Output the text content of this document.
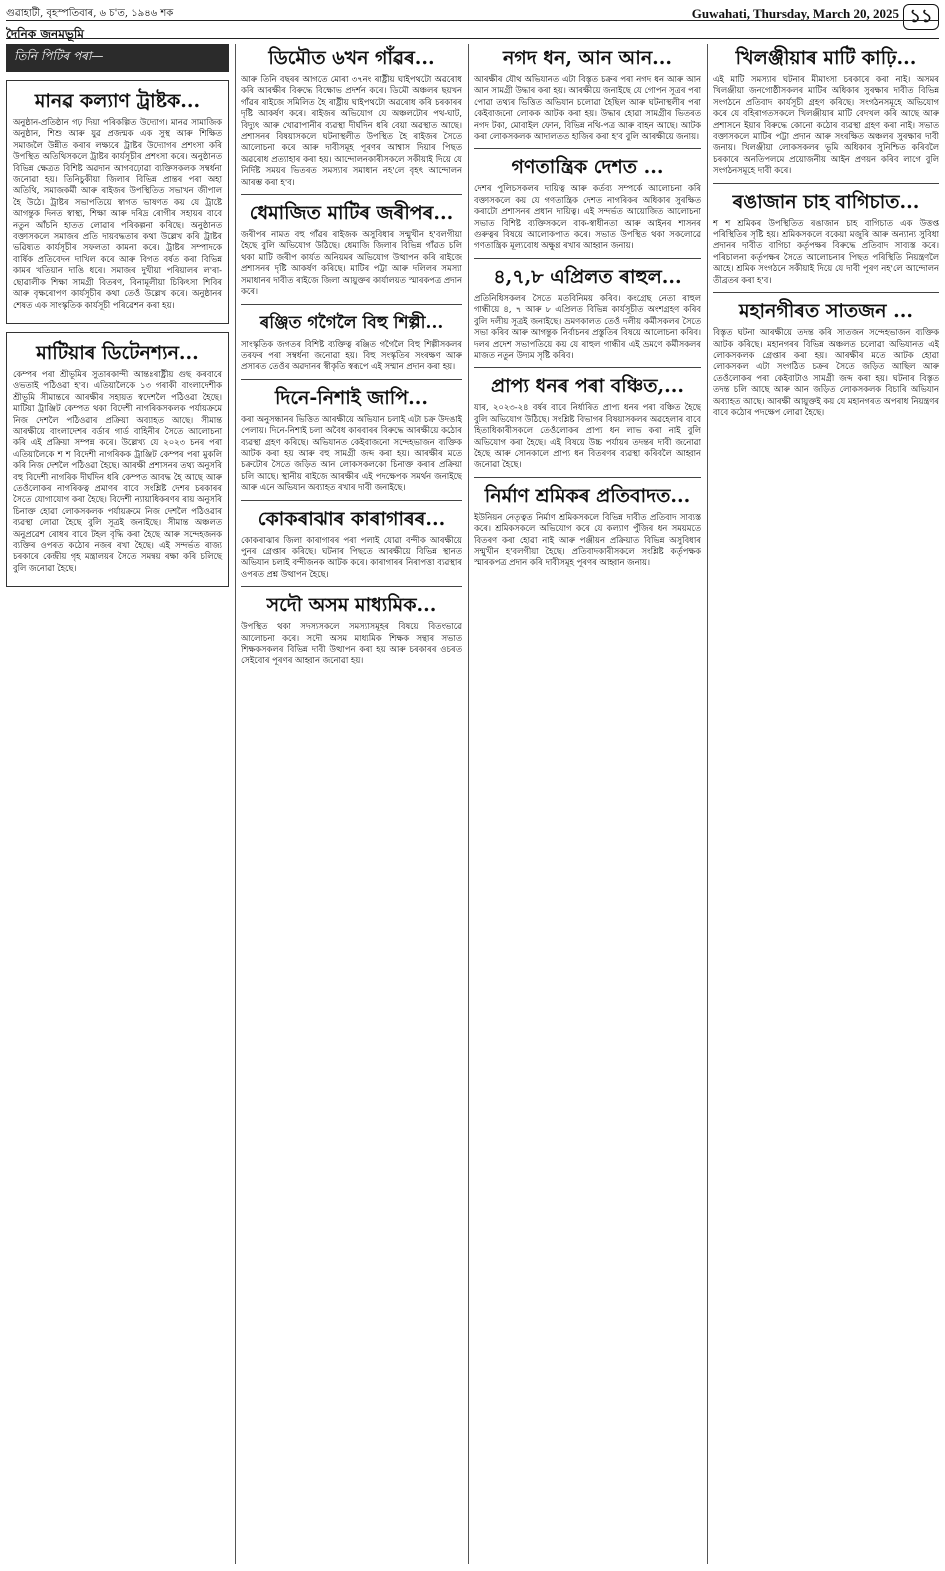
গুৱাহাটী, বৃহস্পতিবাৰ, ৬ চ'ত, ১৯৪৬ শক	Guwahati, Thursday, March 20, 2025 ১১
দৈনিক জনমভূমি
তিনি পিটিৰ পৰা—
মানৱ কল্যাণ ট্ৰাষ্টক...

অনুষ্ঠান-প্ৰতিষ্ঠান গঢ় দিয়া পৰিকল্পিত উদ্যোগ। মানৱ সামাজিক অনুষ্ঠান, শিশু আৰু যুৱ প্ৰজন্মক এক সুস্থ আৰু শিক্ষিত সমাজলৈ উন্নীত কৰাৰ লক্ষ্যৰে ট্ৰাষ্টৰ উদ্যোগৰ প্ৰশংসা কৰি উপস্থিত অতিথিসকলে ট্ৰাষ্টৰ কাৰ্যসূচীৰ প্ৰশংসা কৰে। অনুষ্ঠানত বিভিন্ন ক্ষেত্ৰত বিশিষ্ট অৱদান আগবঢ়োৱা ব্যক্তিসকলক সম্বৰ্ধনা জনোৱা হয়। তিনিচুকীয়া জিলাৰ বিভিন্ন প্ৰান্তৰ পৰা অহা অতিথি, সমাজকৰ্মী আৰু ৰাইজৰ উপস্থিতিত সভাখন জীপাল হৈ উঠে। ট্ৰাষ্টৰ সভাপতিয়ে স্বাগত ভাষণত কয় যে ট্ৰাষ্টে আগন্তুক দিনত স্বাস্থ্য, শিক্ষা আৰু দৰিদ্ৰ ৰোগীৰ সহায়ৰ বাবে নতুন আঁচনি হাতত লোৱাৰ পৰিকল্পনা কৰিছে। অনুষ্ঠানত বক্তাসকলে সমাজৰ প্ৰতি দায়বদ্ধতাৰ কথা উল্লেখ কৰি ট্ৰাষ্টৰ ভৱিষ্যত কাৰ্যসূচীৰ সফলতা কামনা কৰে। ট্ৰাষ্টৰ সম্পাদকে বাৰ্ষিক প্ৰতিবেদন দাখিল কৰে আৰু বিগত বৰ্ষত কৰা বিভিন্ন কামৰ খতিয়ান দাঙি ধৰে। সমাজৰ দুখীয়া পৰিয়ালৰ ল'ৰা-ছোৱালীক শিক্ষা সামগ্ৰী বিতৰণ, বিনামূলীয়া চিকিৎসা শিবিৰ আৰু বৃক্ষৰোপণ কাৰ্যসূচীৰ কথা তেওঁ উল্লেখ কৰে। অনুষ্ঠানৰ শেষত এক সাংস্কৃতিক কাৰ্যসূচী পৰিৱেশন কৰা হয়।

মাটিয়াৰ ডিটেনশ্যন...

কেম্পৰ পৰা শ্ৰীভূমিৰ সুতাৰকান্দী আন্তঃৰাষ্ট্ৰীয় গুছ কৰবাৰে ওভতাই পঠিওৱা হ'ব। এতিয়ালৈকে ১৩ গৰাকী বাংলাদেশীক শ্ৰীভূমি সীমান্তৰে আৰক্ষীৰ সহায়ত স্বদেশলৈ পঠিওৱা হৈছে। মাটিয়া ট্ৰাঞ্জিট কেম্পত থকা বিদেশী নাগৰিকসকলক পৰ্যায়ক্ৰমে নিজ দেশলৈ পঠিওৱাৰ প্ৰক্ৰিয়া অব্যাহত আছে। সীমান্ত আৰক্ষীয়ে বাংলাদেশৰ বৰ্ডাৰ গাৰ্ড বাহিনীৰ সৈতে আলোচনা কৰি এই প্ৰক্ৰিয়া সম্পন্ন কৰে। উল্লেখ্য যে ২০২৩ চনৰ পৰা এতিয়ালৈকে শ শ বিদেশী নাগৰিকক ট্ৰাঞ্জিট কেম্পৰ পৰা মুকলি কৰি নিজ দেশলৈ পঠিওৱা হৈছে। আৰক্ষী প্ৰশাসনৰ তথ্য অনুসৰি বহু বিদেশী নাগৰিক দীৰ্ঘদিন ধৰি কেম্পত আবদ্ধ হৈ আছে আৰু তেওঁলোকৰ নাগৰিকত্ব প্ৰমাণৰ বাবে সংশ্লিষ্ট দেশৰ চৰকাৰৰ সৈতে যোগাযোগ কৰা হৈছে। বিদেশী ন্যায়াধিকৰণৰ ৰায় অনুসৰি চিনাক্ত হোৱা লোকসকলক পৰ্যায়ক্ৰমে নিজ দেশলৈ পঠিওৱাৰ ব্যৱস্থা লোৱা হৈছে বুলি সূত্ৰই জনাইছে। সীমান্ত অঞ্চলত অনুপ্ৰৱেশ ৰোধৰ বাবে টহল বৃদ্ধি কৰা হৈছে আৰু সন্দেহজনক ব্যক্তিৰ ওপৰত কঠোৰ নজৰ ৰখা হৈছে। এই সন্দৰ্ভত ৰাজ্য চৰকাৰে কেন্দ্ৰীয় গৃহ মন্ত্ৰালয়ৰ সৈতে সমন্বয় ৰক্ষা কৰি চলিছে বুলি জনোৱা হৈছে।

ডিমৌত ৬খন গাঁৱৰ...

আৰু তিনি বছৰৰ আগতে মোৰা ৩৭নং ৰাষ্ট্ৰীয় ঘাইপথটো অৱৰোধ কৰি আৰক্ষীৰ বিৰুদ্ধে বিক্ষোভ প্ৰদৰ্শন কৰে। ডিমৌ অঞ্চলৰ ছয়খন গাঁৱৰ ৰাইজে সমিলিত হৈ ৰাষ্ট্ৰীয় ঘাইপথটো অৱৰোধ কৰি চৰকাৰৰ দৃষ্টি আকৰ্ষণ কৰে। ৰাইজৰ অভিযোগ যে অঞ্চলটোৰ পথ-ঘাট, বিদ্যুৎ আৰু খোৱাপানীৰ ব্যৱস্থা দীৰ্ঘদিন ধৰি বেয়া অৱস্থাত আছে। প্ৰশাসনৰ বিষয়াসকলে ঘটনাস্থলীত উপস্থিত হৈ ৰাইজৰ সৈতে আলোচনা কৰে আৰু দাবীসমূহ পূৰণৰ আশ্বাস দিয়াৰ পিছত অৱৰোধ প্ৰত্যাহাৰ কৰা হয়। আন্দোলনকাৰীসকলে সকীয়াই দিয়ে যে নিৰ্দিষ্ট সময়ৰ ভিতৰত সমস্যাৰ সমাধান নহ'লে বৃহৎ আন্দোলন আৰম্ভ কৰা হ'ব।

ধেমাজিত মাটিৰ জৰীপৰ...

জৰীপৰ নামত বহু গাঁৱৰ ৰাইজক অসুবিধাৰ সন্মুখীন হ'বলগীয়া হৈছে বুলি অভিযোগ উঠিছে। ধেমাজি জিলাৰ বিভিন্ন গাঁৱত চলি থকা মাটি জৰীপ কাৰ্যত অনিয়মৰ অভিযোগ উত্থাপন কৰি ৰাইজে প্ৰশাসনৰ দৃষ্টি আকৰ্ষণ কৰিছে। মাটিৰ পট্টা আৰু দলিলৰ সমস্যা সমাধানৰ দাবীত ৰাইজে জিলা আয়ুক্তৰ কাৰ্যালয়ত স্মাৰকপত্ৰ প্ৰদান কৰে।

ৰঞ্জিত গগৈলৈ বিহু শিল্পী...

সাংস্কৃতিক জগতৰ বিশিষ্ট ব্যক্তিত্ব ৰঞ্জিত গগৈলৈ বিহু শিল্পীসকলৰ তৰফৰ পৰা সম্বৰ্ধনা জনোৱা হয়। বিহু সংস্কৃতিৰ সংৰক্ষণ আৰু প্ৰসাৰত তেওঁৰ অৱদানৰ স্বীকৃতি স্বৰূপে এই সম্মান প্ৰদান কৰা হয়।

দিনে-নিশাই জাপি...

কৰা অনুসন্ধানৰ ভিত্তিত আৰক্ষীয়ে অভিযান চলাই এটা চক্ৰ উদঙাই পেলায়। দিনে-নিশাই চলা অবৈধ কাৰবাৰৰ বিৰুদ্ধে আৰক্ষীয়ে কঠোৰ ব্যৱস্থা গ্ৰহণ কৰিছে। অভিযানত কেইবাজনো সন্দেহভাজন ব্যক্তিক আটক কৰা হয় আৰু বহু সামগ্ৰী জব্দ কৰা হয়। আৰক্ষীৰ মতে চক্ৰটোৰ সৈতে জড়িত আন লোকসকলকো চিনাক্ত কৰাৰ প্ৰক্ৰিয়া চলি আছে। স্থানীয় ৰাইজে আৰক্ষীৰ এই পদক্ষেপক সমৰ্থন জনাইছে আৰু এনে অভিযান অব্যাহত ৰখাৰ দাবী জনাইছে।

কোকৰাঝাৰ কাৰাগাৰৰ...

কোকৰাঝাৰ জিলা কাৰাগাৰৰ পৰা পলাই যোৱা বন্দীক আৰক্ষীয়ে পুনৰ গ্ৰেপ্তাৰ কৰিছে। ঘটনাৰ পিছতে আৰক্ষীয়ে বিভিন্ন স্থানত অভিযান চলাই বন্দীজনক আটক কৰে। কাৰাগাৰৰ নিৰাপত্তা ব্যৱস্থাৰ ওপৰত প্ৰশ্ন উত্থাপন হৈছে।

সদৌ অসম মাধ্যমিক...

উপস্থিত থকা সদস্যসকলে সমস্যাসমূহৰ বিষয়ে বিতংভাৱে আলোচনা কৰে। সদৌ অসম মাধ্যমিক শিক্ষক সন্থাৰ সভাত শিক্ষকসকলৰ বিভিন্ন দাবী উত্থাপন কৰা হয় আৰু চৰকাৰৰ ওচৰত সেইবোৰ পূৰণৰ আহ্বান জনোৱা হয়।

নগদ ধন, আন আন...

আৰক্ষীৰ যৌথ অভিযানত এটা বিস্তৃত চক্ৰৰ পৰা নগদ ধন আৰু আন আন সামগ্ৰী উদ্ধাৰ কৰা হয়। আৰক্ষীয়ে জনাইছে যে গোপন সূত্ৰৰ পৰা পোৱা তথ্যৰ ভিত্তিত অভিযান চলোৱা হৈছিল আৰু ঘটনাস্থলীৰ পৰা কেইবাজনো লোকক আটক কৰা হয়। উদ্ধাৰ হোৱা সামগ্ৰীৰ ভিতৰত নগদ টকা, মোবাইল ফোন, বিভিন্ন নথি-পত্ৰ আৰু বাহন আছে। আটক কৰা লোকসকলক আদালতত হাজিৰ কৰা হ'ব বুলি আৰক্ষীয়ে জনায়।

গণতান্ত্ৰিক দেশত ...

দেশৰ পুলিচসকলৰ দায়িত্ব আৰু কৰ্তব্য সম্পৰ্কে আলোচনা কৰি বক্তাসকলে কয় যে গণতান্ত্ৰিক দেশত নাগৰিকৰ অধিকাৰ সুৰক্ষিত কৰাটো প্ৰশাসনৰ প্ৰধান দায়িত্ব। এই সন্দৰ্ভত আয়োজিত আলোচনা সভাত বিশিষ্ট ব্যক্তিসকলে বাক-স্বাধীনতা আৰু আইনৰ শাসনৰ গুৰুত্বৰ বিষয়ে আলোকপাত কৰে। সভাত উপস্থিত থকা সকলোৱে গণতান্ত্ৰিক মূল্যবোধ অক্ষুণ্ণ ৰখাৰ আহ্বান জনায়।

৪,৭,৮ এপ্ৰিলত ৰাহুল...

প্ৰতিনিধিসকলৰ সৈতে মতবিনিময় কৰিব। কংগ্ৰেছ নেতা ৰাহুল গান্ধীয়ে ৪, ৭ আৰু ৮ এপ্ৰিলত বিভিন্ন কাৰ্যসূচীত অংশগ্ৰহণ কৰিব বুলি দলীয় সূত্ৰই জনাইছে। ভ্ৰমণকালত তেওঁ দলীয় কৰ্মীসকলৰ সৈতে সভা কৰিব আৰু আগন্তুক নিৰ্বাচনৰ প্ৰস্তুতিৰ বিষয়ে আলোচনা কৰিব। দলৰ প্ৰদেশ সভাপতিয়ে কয় যে ৰাহুল গান্ধীৰ এই ভ্ৰমণে কৰ্মীসকলৰ মাজত নতুন উদ্যম সৃষ্টি কৰিব।

প্ৰাপ্য ধনৰ পৰা বঞ্চিত,...

যাৰ, ২০২৩-২৪ বৰ্ষৰ বাবে নিৰ্ধাৰিত প্ৰাপ্য ধনৰ পৰা বঞ্চিত হৈছে বুলি অভিযোগ উঠিছে। সংশ্লিষ্ট বিভাগৰ বিষয়াসকলৰ অৱহেলাৰ বাবে হিতাধিকাৰীসকলে তেওঁলোকৰ প্ৰাপ্য ধন লাভ কৰা নাই বুলি অভিযোগ কৰা হৈছে। এই বিষয়ে উচ্চ পৰ্যায়ৰ তদন্তৰ দাবী জনোৱা হৈছে আৰু সোনকালে প্ৰাপ্য ধন বিতৰণৰ ব্যৱস্থা কৰিবলৈ আহ্বান জনোৱা হৈছে।

নিৰ্মাণ শ্ৰমিকৰ প্ৰতিবাদত...

ইউনিয়ন নেতৃত্বত নিৰ্মাণ শ্ৰমিকসকলে বিভিন্ন দাবীত প্ৰতিবাদ সাব্যস্ত কৰে। শ্ৰমিকসকলে অভিযোগ কৰে যে কল্যাণ পুঁজিৰ ধন সময়মতে বিতৰণ কৰা হোৱা নাই আৰু পঞ্জীয়ন প্ৰক্ৰিয়াত বিভিন্ন অসুবিধাৰ সন্মুখীন হ'বলগীয়া হৈছে। প্ৰতিবাদকাৰীসকলে সংশ্লিষ্ট কৰ্তৃপক্ষক স্মাৰকপত্ৰ প্ৰদান কৰি দাবীসমূহ পূৰণৰ আহ্বান জনায়।

খিলঞ্জীয়াৰ মাটি কাঢ়ি...

এই মাটি সমস্যাৰ ঘটনাৰ মীমাংসা চৰকাৰে কৰা নাই। অসমৰ খিলঞ্জীয়া জনগোষ্ঠীসকলৰ মাটিৰ অধিকাৰ সুৰক্ষাৰ দাবীত বিভিন্ন সংগঠনে প্ৰতিবাদ কাৰ্যসূচী গ্ৰহণ কৰিছে। সংগঠনসমূহে অভিযোগ কৰে যে বহিৰাগতসকলে খিলঞ্জীয়াৰ মাটি বেদখল কৰি আছে আৰু প্ৰশাসনে ইয়াৰ বিৰুদ্ধে কোনো কঠোৰ ব্যৱস্থা গ্ৰহণ কৰা নাই। সভাত বক্তাসকলে মাটিৰ পট্টা প্ৰদান আৰু সংৰক্ষিত অঞ্চলৰ সুৰক্ষাৰ দাবী জনায়। খিলঞ্জীয়া লোকসকলৰ ভূমি অধিকাৰ সুনিশ্চিত কৰিবলৈ চৰকাৰে অনতিপলমে প্ৰয়োজনীয় আইন প্ৰণয়ন কৰিব লাগে বুলি সংগঠনসমূহে দাবী কৰে।

ৰঙাজান চাহ বাগিচাত...

শ শ শ্ৰমিকৰ উপস্থিতিত ৰঙাজান চাহ বাগিচাত এক উত্তপ্ত পৰিস্থিতিৰ সৃষ্টি হয়। শ্ৰমিকসকলে বকেয়া মজুৰি আৰু অন্যান্য সুবিধা প্ৰদানৰ দাবীত বাগিচা কৰ্তৃপক্ষৰ বিৰুদ্ধে প্ৰতিবাদ সাব্যস্ত কৰে। পৰিচালনা কৰ্তৃপক্ষৰ সৈতে আলোচনাৰ পিছত পৰিস্থিতি নিয়ন্ত্ৰণলৈ আহে। শ্ৰমিক সংগঠনে সকীয়াই দিয়ে যে দাবী পূৰণ নহ'লে আন্দোলন তীব্ৰতৰ কৰা হ'ব।

মহানগীৰত সাতজন ...

বিস্তৃত ঘটনা আৰক্ষীয়ে তদন্ত কৰি সাতজন সন্দেহভাজন ব্যক্তিক আটক কৰিছে। মহানগৰৰ বিভিন্ন অঞ্চলত চলোৱা অভিযানত এই লোকসকলক গ্ৰেপ্তাৰ কৰা হয়। আৰক্ষীৰ মতে আটক হোৱা লোকসকল এটা সংগঠিত চক্ৰৰ সৈতে জড়িত আছিল আৰু তেওঁলোকৰ পৰা কেইবাটাও সামগ্ৰী জব্দ কৰা হয়। ঘটনাৰ বিস্তৃত তদন্ত চলি আছে আৰু আন জড়িত লোকসকলক বিচাৰি অভিযান অব্যাহত আছে। আৰক্ষী আয়ুক্তই কয় যে মহানগৰত অপৰাধ নিয়ন্ত্ৰণৰ বাবে কঠোৰ পদক্ষেপ লোৱা হৈছে।
